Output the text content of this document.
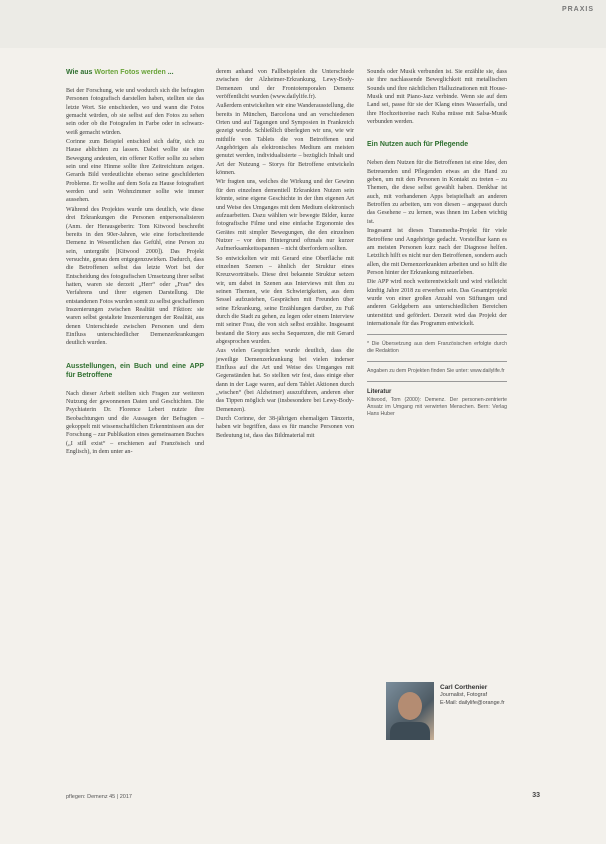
PRAXIS
Wie aus Worten Fotos werden ...

Bei der Forschung, wie und wodurch sich die befragten Personen fotografisch darstellen haben, stellten sie das letzte Wort. Sie entschieden, wo und wann die Fotos gemacht würden, ob sie selbst auf den Fotos zu sehen sein oder ob die Fotografen in Farbe oder in schwarz-weiß gemacht würden.

Corinne zum Beispiel entschied sich dafür, sich zu Hause ablichten zu lassen. Dabei wollte sie eine Bewegung andeuten, ein offener Koffer sollte zu sehen sein und eine Hinme sollte ihre Zeitreichtum zeigen. Gerards Bild verdeutlichte ebenso seine geschilderten Probleme. Er wollte auf dem Sofa zu Hause fotografiert werden und sein Wohnzimmer sollte wie immer aussehen.

Während des Projektes wurde uns deutlich, wie diese drei Erkrankungen die Personen entpersonalisieren (Anm. der Herausgeberin: Tom Kitwood beschreibt bereits in den 90er-Jahren, wie eine fortschreitende Demenz in Wesentlichen das Gefühl, eine Person zu sein, untergräbt [Kitwood 2000]). Das Projekt versuchte, genau dem entgegenzuwirken. Dadurch, dass die Betroffenen selbst das letzte Wort bei der Entscheidung des fotografischen Umsetzung ihrer selbst hatten, waren sie derzeit „Herr“ oder „Frau“ des Verfahrens und ihrer eigenen Darstellung. Die entstandenen Fotos wurden somit zu selbst geschaffenen Inszenierungen zwischen Realität und Fiktion: sie waren selbst gestaltete Inszenierungen der Realität, aus denen Unterschiede zwischen Personen und dem Einfluss unterschiedlicher Demenzerkrankungen deutlich wurden.

Ausstellungen, ein Buch und eine APP für Betroffene

Nach dieser Arbeit stellten sich Fragen zur weiteren Nutzung der gewonnenen Daten und Geschichten. Die Psychiaterin Dr. Florence Lebert nutzte ihre Beobachtungen und die Aussagen der Befragten – gekoppelt mit wissenschaftlichen Erkenntnissen aus der Forschung – zur Publikation eines gemeinsamen Buches („I still exist“ – erschienen auf Französisch und Englisch), in dem unter an-

derem anhand von Fallbeispielen die Unterschiede zwischen der Alzheimer-Erkrankung, Lewy-Body-Demenzen und der Frontotemporalen Demenz veröffentlicht wurden (www.dailylife.fr).

Außerdem entwickelten wir eine Wanderausstellung, die bereits in München, Barcelona und an verschiedenen Orten und auf Tagungen und Symposien in Frankreich gezeigt wurde. Schließlich überlegten wir uns, wie wir mithilfe von Tablets die von Betroffenen und Angehörigen als elektronisches Medium am meisten genutzt werden, individualisierte – bezüglich Inhalt und Art der Nutzung – Storys für Betroffene entwickeln können.

Wir fragten uns, welches die Wirkung und der Gewinn für den einzelnen dementiell Erkrankten Nutzen sein könnte, seine eigene Geschichte in der ihm eigenen Art und Weise des Umganges mit dem Medium elektronisch aufzuarbeiten. Dazu wählten wir bewegte Bilder, kurze fotografische Filme und eine einfache Ergonomie des Gerätes mit simpler Bewegungen, die den einzelnen Nutzer – vor dem Hintergrund oftmals nur kurzer Aufmerksamkeitsspannen – nicht überfordern sollten.

So entwickelten wir mit Gerard eine Oberfläche mit einzelnen Szenen – ähnlich der Struktur eines Kreuzworträtsels. Diese drei bekannte Struktur setzen wir, um dabei in Szenen aus Interviews mit ihm zu seinen Themen, wie den Schwierigkeiten, aus dem Sessel aufzustehen, Gesprächen mit Freunden über seine Erkrankung, seine Erzählungen darüber, zu Fuß durch die Stadt zu gehen, zu legen oder einem Interview mit seiner Frau, die von sich selbst erzählte. Insgesamt bestand die Story aus sechs Sequenzen, die mit Gerard abgesprochen wurden.

Aus vielen Gesprächen wurde deutlich, dass die jeweilige Demenzerkrankung bei vielen inderser Einfluss auf die Art und Weise des Umganges mit Gegenständen hat. So stellten wir fest, dass einige eher dann in der Lage waren, auf dem Tablet Aktionen durch „wischen“ (bei Alzheimer) auszuführen, anderen eher das Tippen möglich war (insbesondere bei Lewy-Body-Demenzen).

Durch Corinne, der 38-jährigen ehemaligen Tänzerin, haben wir begriffen, dass es für manche Personen von Bedeutung ist, dass das Bildmaterial mit

Sounds oder Musik verbunden ist. Sie erzählte sie, dass sie ihre nachlassende Beweglichkeit mit metallischen Sounds und ihre nächtlichen Halluzinationen mit House-Musik und mit Piano-Jazz verbinde. Wenn sie auf dem Land sei, passe für sie der Klang eines Wasserfalls, und ihre Hochzeitsreise nach Kuba müsse mit Salsa-Musik verbunden werden.

Ein Nutzen auch für Pflegende

Neben dem Nutzen für die Betroffenen ist eine Idee, den Betreuenden und Pflegenden etwas an die Hand zu geben, um mit den Personen in Kontakt zu treten – zu Themen, die diese selbst gewählt haben. Denkbar ist auch, mit vorhandenen Apps beispielhaft an anderen Betroffen zu arbeiten, um von diesen – angepasst durch das Gesehene – zu lernen, was ihnen im Leben wichtig ist.

Insgesamt ist dieses Transmedia-Projekt für viele Betroffene und Angehörige gedacht. Vorstellbar kann es am meisten Personen kurz nach der Diagnose helfen. Letztlich hilft es nicht nur den Betroffenen, sondern auch allen, die mit Demenzerkrankten arbeiten und so hilft die Person hinter der Erkrankung mitzuerleben.

Die APP wird noch weiterentwickelt und wird vielleicht künftig Jahre 2018 zu erwerben sein. Das Gesamtprojekt wurde von einer großen Anzahl von Stiftungen und anderen Geldgebern aus unterschiedlichen Bereichen unterstützt und gefördert. Derzeit wird das Projekt der internationale für das Programm entwickelt.

* Die Übersetzung aus dem Französischen erfolgte durch die Redaktion
Angaben zu dem Projekten finden Sie unter: www.dailylife.fr
Literatur
Kitwood, Tom (2000): Demenz. Der personen-zentrierte Ansatz im Umgang mit verwirrten Menschen. Bern: Verlag Hans Huber
Carl Corthenier
Journalist, Fotograf
E-Mail: dailylife@orange.fr
pflegen: Demenz 45 | 2017	33
